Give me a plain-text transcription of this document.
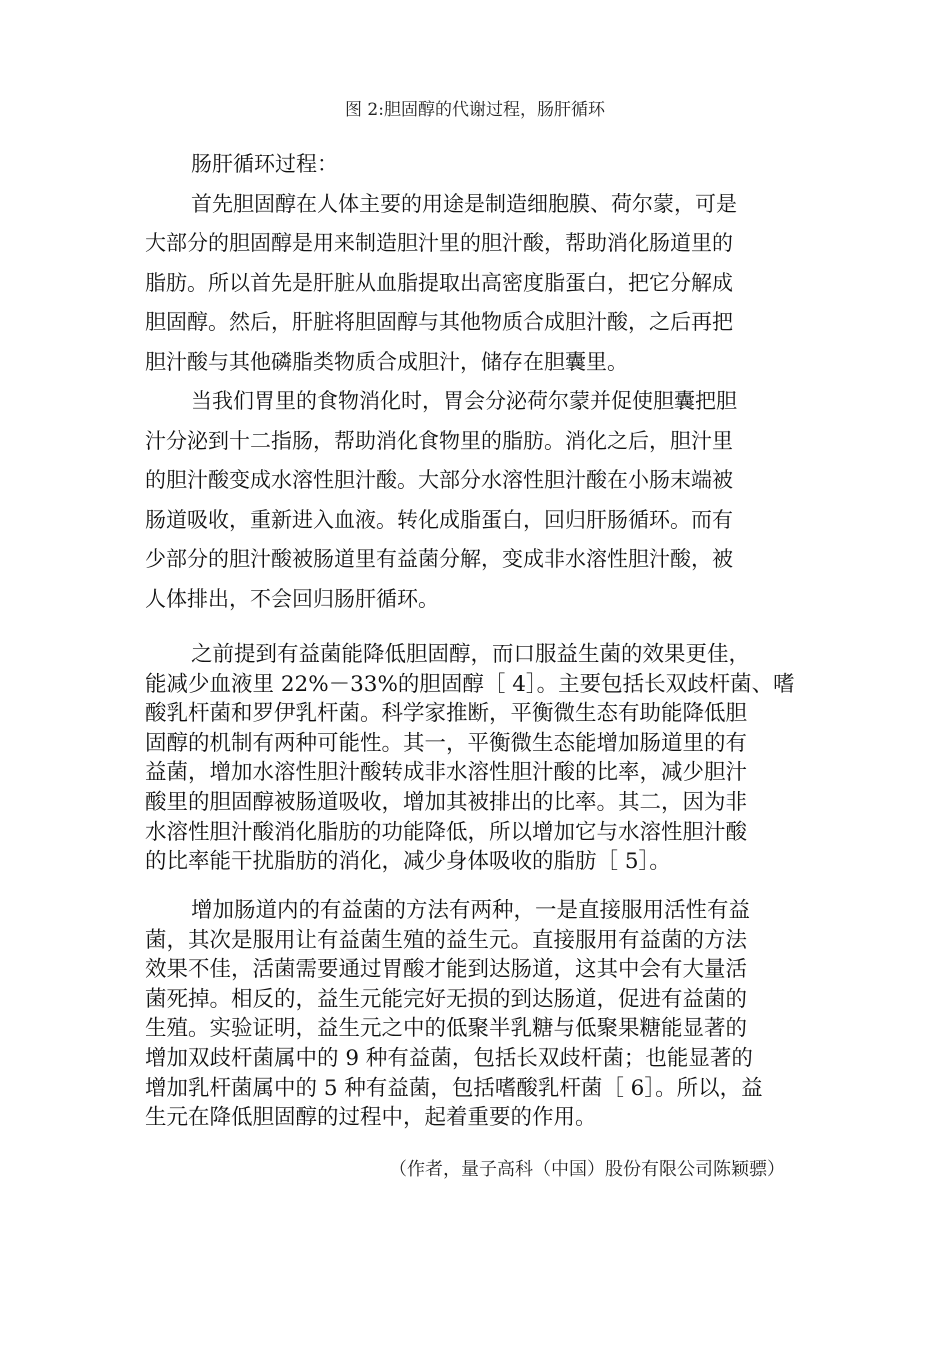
图 2:胆固醇的代谢过程，肠肝循环
肠肝循环过程：
首先胆固醇在人体主要的用途是制造细胞膜、荷尔蒙，可是
大部分的胆固醇是用来制造胆汁里的胆汁酸，帮助消化肠道里的
脂肪。所以首先是肝脏从血脂提取出高密度脂蛋白，把它分解成
胆固醇。然后，肝脏将胆固醇与其他物质合成胆汁酸，之后再把
胆汁酸与其他磷脂类物质合成胆汁，储存在胆囊里。
当我们胃里的食物消化时，胃会分泌荷尔蒙并促使胆囊把胆
汁分泌到十二指肠，帮助消化食物里的脂肪。消化之后，胆汁里
的胆汁酸变成水溶性胆汁酸。大部分水溶性胆汁酸在小肠末端被
肠道吸收，重新进入血液。转化成脂蛋白，回归肝肠循环。而有
少部分的胆汁酸被肠道里有益菌分解，变成非水溶性胆汁酸，被
人体排出，不会回归肠肝循环。
之前提到有益菌能降低胆固醇，而口服益生菌的效果更佳，
能减少血液里 22%－33%的胆固醇［ 4］。主要包括长双歧杆菌、嗜
酸乳杆菌和罗伊乳杆菌。科学家推断，平衡微生态有助能降低胆
固醇的机制有两种可能性。其一，平衡微生态能增加肠道里的有
益菌，增加水溶性胆汁酸转成非水溶性胆汁酸的比率，减少胆汁
酸里的胆固醇被肠道吸收，增加其被排出的比率。其二，因为非
水溶性胆汁酸消化脂肪的功能降低，所以增加它与水溶性胆汁酸
的比率能干扰脂肪的消化，减少身体吸收的脂肪［ 5］。
增加肠道内的有益菌的方法有两种，一是直接服用活性有益
菌，其次是服用让有益菌生殖的益生元。直接服用有益菌的方法
效果不佳，活菌需要通过胃酸才能到达肠道，这其中会有大量活
菌死掉。相反的，益生元能完好无损的到达肠道，促进有益菌的
生殖。实验证明，益生元之中的低聚半乳糖与低聚果糖能显著的
增加双歧杆菌属中的 9 种有益菌，包括长双歧杆菌；也能显著的
增加乳杆菌属中的 5 种有益菌，包括嗜酸乳杆菌［ 6］。所以，益
生元在降低胆固醇的过程中，起着重要的作用。
（作者，量子高科（中国）股份有限公司陈颖骠）
